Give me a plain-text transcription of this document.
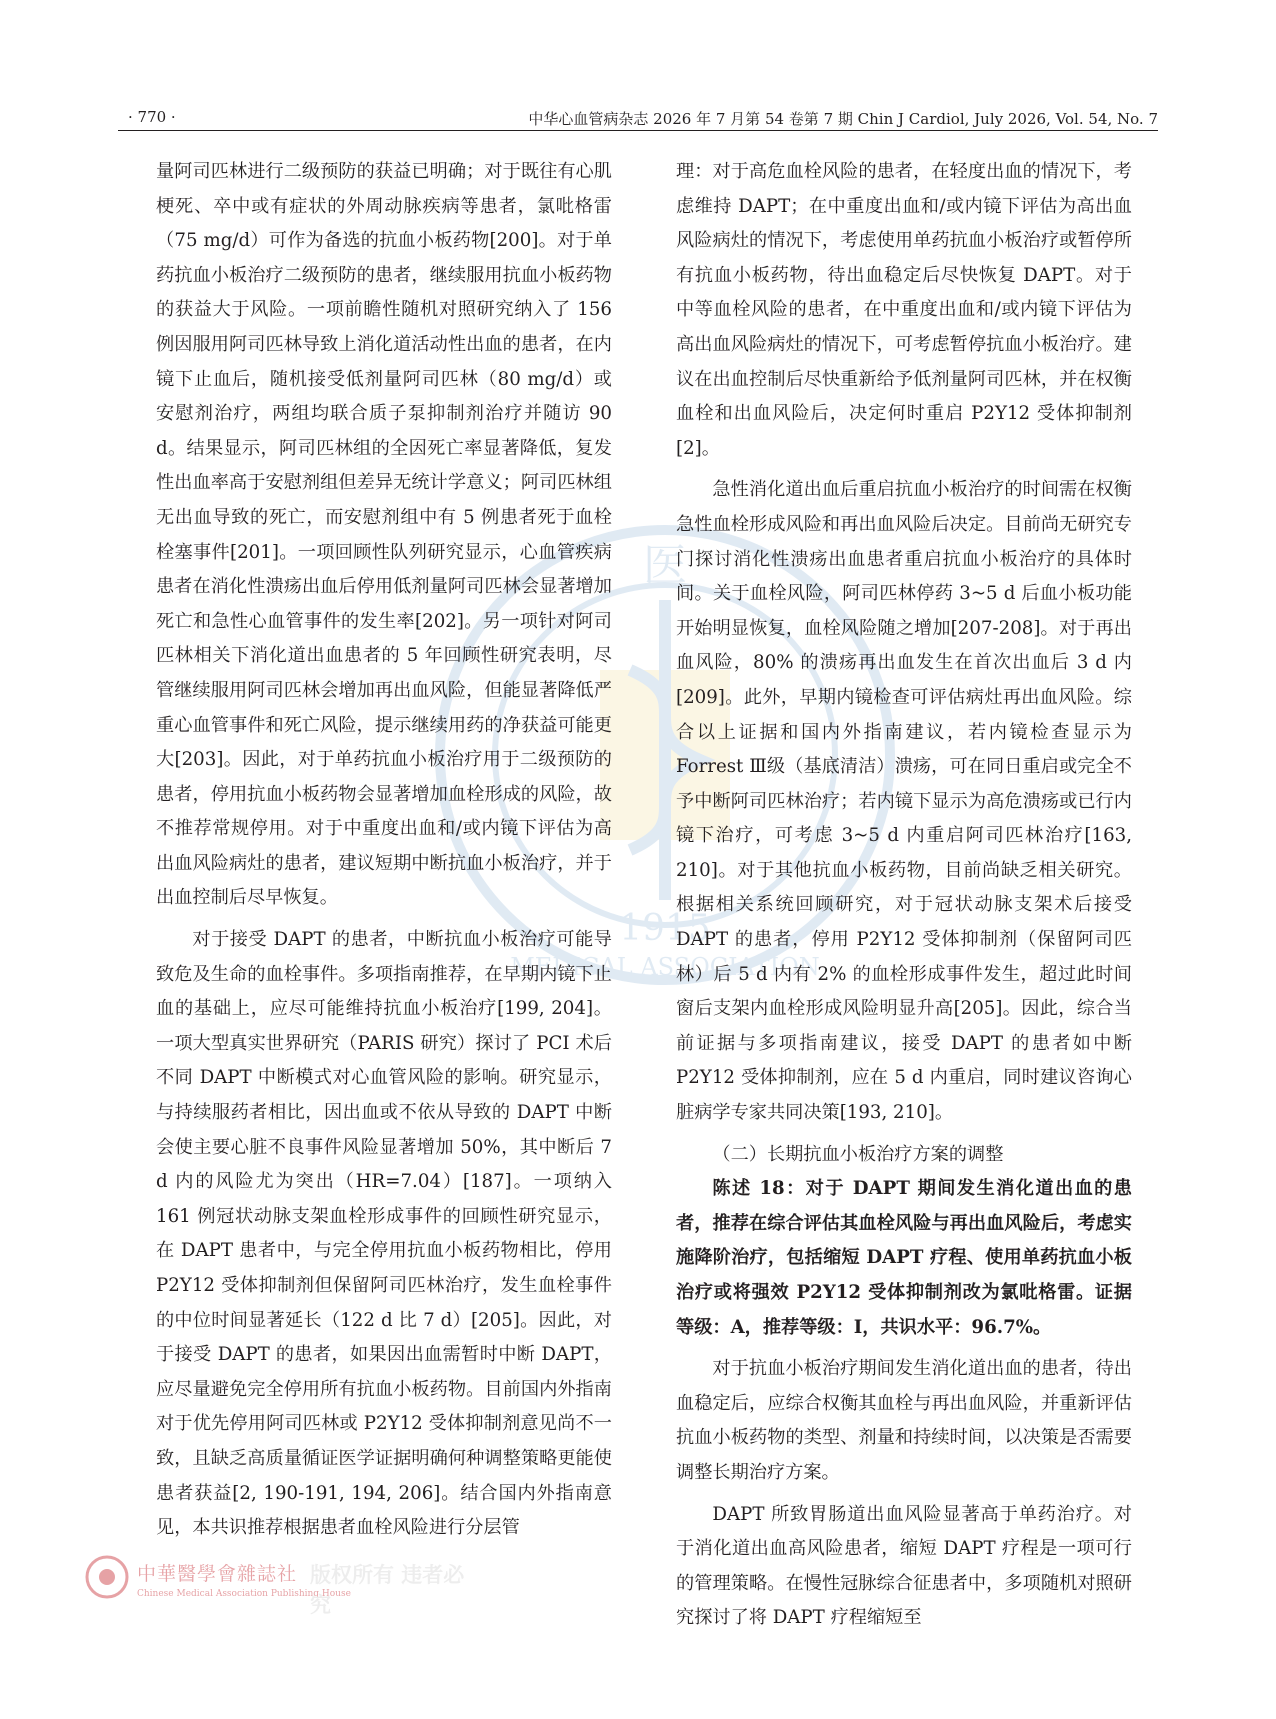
· 770 ·	中华心血管病杂志 2026 年 7 月第 54 卷第 7 期 Chin J Cardiol, July 2026, Vol. 54, No. 7
医
1915
MEDICAL ASSOCIATION

量阿司匹林进行二级预防的获益已明确；对于既往有心肌梗死、卒中或有症状的外周动脉疾病等患者，氯吡格雷（75 mg/d）可作为备选的抗血小板药物[200]。对于单药抗血小板治疗二级预防的患者，继续服用抗血小板药物的获益大于风险。一项前瞻性随机对照研究纳入了 156 例因服用阿司匹林导致上消化道活动性出血的患者，在内镜下止血后，随机接受低剂量阿司匹林（80 mg/d）或安慰剂治疗，两组均联合质子泵抑制剂治疗并随访 90 d。结果显示，阿司匹林组的全因死亡率显著降低，复发性出血率高于安慰剂组但差异无统计学意义；阿司匹林组无出血导致的死亡，而安慰剂组中有 5 例患者死于血栓栓塞事件[201]。一项回顾性队列研究显示，心血管疾病患者在消化性溃疡出血后停用低剂量阿司匹林会显著增加死亡和急性心血管事件的发生率[202]。另一项针对阿司匹林相关下消化道出血患者的 5 年回顾性研究表明，尽管继续服用阿司匹林会增加再出血风险，但能显著降低严重心血管事件和死亡风险，提示继续用药的净获益可能更大[203]。因此，对于单药抗血小板治疗用于二级预防的患者，停用抗血小板药物会显著增加血栓形成的风险，故不推荐常规停用。对于中重度出血和/或内镜下评估为高出血风险病灶的患者，建议短期中断抗血小板治疗，并于出血控制后尽早恢复。

对于接受 DAPT 的患者，中断抗血小板治疗可能导致危及生命的血栓事件。多项指南推荐，在早期内镜下止血的基础上，应尽可能维持抗血小板治疗[199, 204]。一项大型真实世界研究（PARIS 研究）探讨了 PCI 术后不同 DAPT 中断模式对心血管风险的影响。研究显示，与持续服药者相比，因出血或不依从导致的 DAPT 中断会使主要心脏不良事件风险显著增加 50%，其中断后 7 d 内的风险尤为突出（HR=7.04）[187]。一项纳入 161 例冠状动脉支架血栓形成事件的回顾性研究显示，在 DAPT 患者中，与完全停用抗血小板药物相比，停用 P2Y12 受体抑制剂但保留阿司匹林治疗，发生血栓事件的中位时间显著延长（122 d 比 7 d）[205]。因此，对于接受 DAPT 的患者，如果因出血需暂时中断 DAPT，应尽量避免完全停用所有抗血小板药物。目前国内外指南对于优先停用阿司匹林或 P2Y12 受体抑制剂意见尚不一致，且缺乏高质量循证医学证据明确何种调整策略更能使患者获益[2, 190-191, 194, 206]。结合国内外指南意见，本共识推荐根据患者血栓风险进行分层管

理：对于高危血栓风险的患者，在轻度出血的情况下，考虑维持 DAPT；在中重度出血和/或内镜下评估为高出血风险病灶的情况下，考虑使用单药抗血小板治疗或暂停所有抗血小板药物，待出血稳定后尽快恢复 DAPT。对于中等血栓风险的患者，在中重度出血和/或内镜下评估为高出血风险病灶的情况下，可考虑暂停抗血小板治疗。建议在出血控制后尽快重新给予低剂量阿司匹林，并在权衡血栓和出血风险后，决定何时重启 P2Y12 受体抑制剂[2]。

急性消化道出血后重启抗血小板治疗的时间需在权衡急性血栓形成风险和再出血风险后决定。目前尚无研究专门探讨消化性溃疡出血患者重启抗血小板治疗的具体时间。关于血栓风险，阿司匹林停药 3~5 d 后血小板功能开始明显恢复，血栓风险随之增加[207-208]。对于再出血风险，80% 的溃疡再出血发生在首次出血后 3 d 内[209]。此外，早期内镜检查可评估病灶再出血风险。综合以上证据和国内外指南建议，若内镜检查显示为 Forrest Ⅲ级（基底清洁）溃疡，可在同日重启或完全不予中断阿司匹林治疗；若内镜下显示为高危溃疡或已行内镜下治疗，可考虑 3~5 d 内重启阿司匹林治疗[163, 210]。对于其他抗血小板药物，目前尚缺乏相关研究。根据相关系统回顾研究，对于冠状动脉支架术后接受 DAPT 的患者，停用 P2Y12 受体抑制剂（保留阿司匹林）后 5 d 内有 2% 的血栓形成事件发生，超过此时间窗后支架内血栓形成风险明显升高[205]。因此，综合当前证据与多项指南建议，接受 DAPT 的患者如中断 P2Y12 受体抑制剂，应在 5 d 内重启，同时建议咨询心脏病学专家共同决策[193, 210]。

（二）长期抗血小板治疗方案的调整

陈述 18：对于 DAPT 期间发生消化道出血的患者，推荐在综合评估其血栓风险与再出血风险后，考虑实施降阶治疗，包括缩短 DAPT 疗程、使用单药抗血小板治疗或将强效 P2Y12 受体抑制剂改为氯吡格雷。证据等级：A，推荐等级：Ⅰ，共识水平：96.7%。

对于抗血小板治疗期间发生消化道出血的患者，待出血稳定后，应综合权衡其血栓与再出血风险，并重新评估抗血小板药物的类型、剂量和持续时间，以决策是否需要调整长期治疗方案。

DAPT 所致胃肠道出血风险显著高于单药治疗。对于消化道出血高风险患者，缩短 DAPT 疗程是一项可行的管理策略。在慢性冠脉综合征患者中，多项随机对照研究探讨了将 DAPT 疗程缩短至

中華醫學會雜誌社
Chinese Medical Association Publishing House
版权所有 违者必究
